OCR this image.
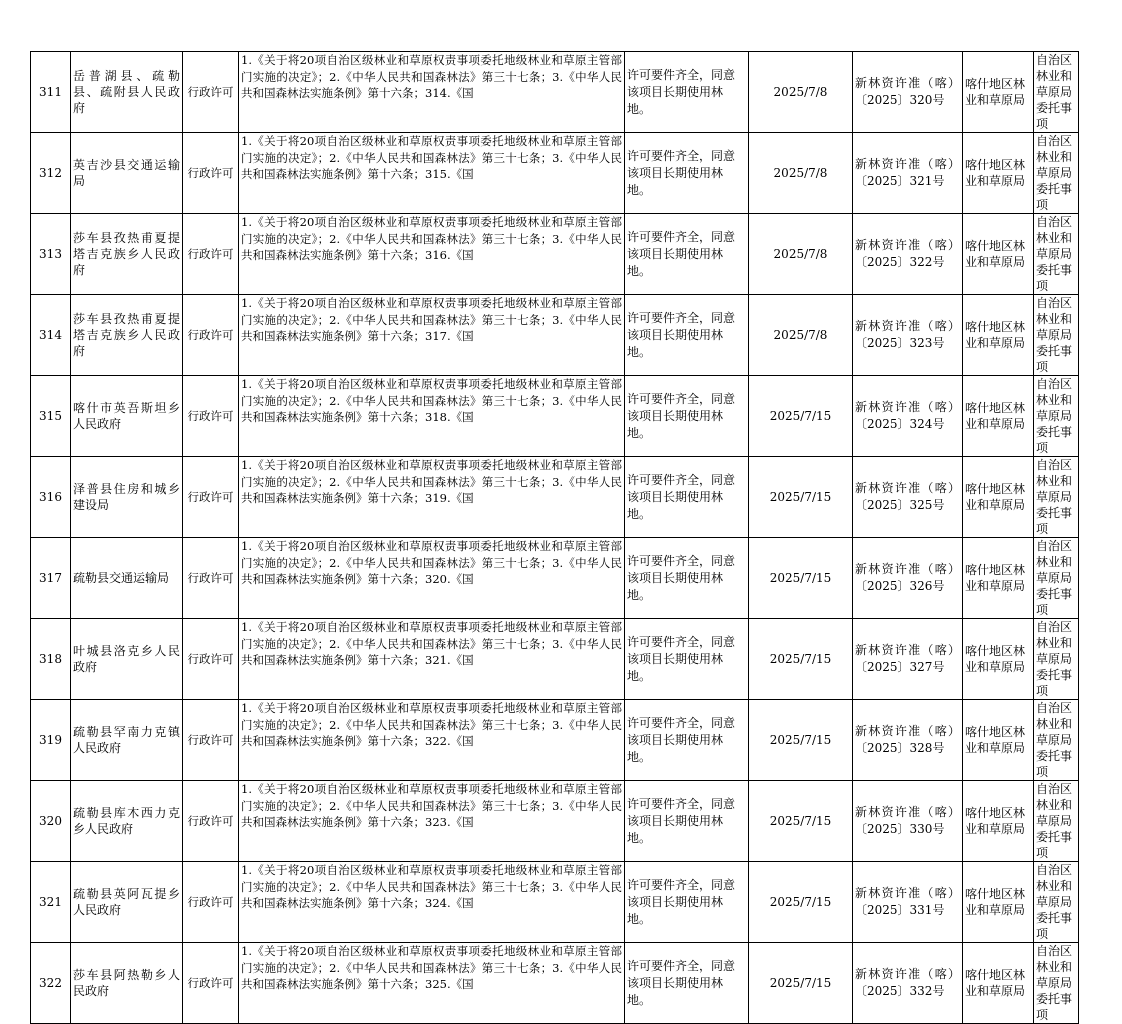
311	岳普湖县、疏勒县、疏附县人民政府	行政许可	1.《关于将20项自治区级林业和草原权责事项委托地级林业和草原主管部门实施的决定》；2.《中华人民共和国森林法》第三十七条；3.《中华人民共和国森林法实施条例》第十六条；314.《国	许可要件齐全，同意该项目长期使用林地。	2025/7/8	新林资许准（喀）〔2025〕320号	喀什地区林业和草原局	自治区林业和草原局委托事项
312	英吉沙县交通运输局	行政许可	1.《关于将20项自治区级林业和草原权责事项委托地级林业和草原主管部门实施的决定》；2.《中华人民共和国森林法》第三十七条；3.《中华人民共和国森林法实施条例》第十六条；315.《国	许可要件齐全，同意该项目长期使用林地。	2025/7/8	新林资许准（喀）〔2025〕321号	喀什地区林业和草原局	自治区林业和草原局委托事项
313	莎车县孜热甫夏提塔吉克族乡人民政府	行政许可	1.《关于将20项自治区级林业和草原权责事项委托地级林业和草原主管部门实施的决定》；2.《中华人民共和国森林法》第三十七条；3.《中华人民共和国森林法实施条例》第十六条；316.《国	许可要件齐全，同意该项目长期使用林地。	2025/7/8	新林资许准（喀）〔2025〕322号	喀什地区林业和草原局	自治区林业和草原局委托事项
314	莎车县孜热甫夏提塔吉克族乡人民政府	行政许可	1.《关于将20项自治区级林业和草原权责事项委托地级林业和草原主管部门实施的决定》；2.《中华人民共和国森林法》第三十七条；3.《中华人民共和国森林法实施条例》第十六条；317.《国	许可要件齐全，同意该项目长期使用林地。	2025/7/8	新林资许准（喀）〔2025〕323号	喀什地区林业和草原局	自治区林业和草原局委托事项
315	喀什市英吾斯坦乡人民政府	行政许可	1.《关于将20项自治区级林业和草原权责事项委托地级林业和草原主管部门实施的决定》；2.《中华人民共和国森林法》第三十七条；3.《中华人民共和国森林法实施条例》第十六条；318.《国	许可要件齐全，同意该项目长期使用林地。	2025/7/15	新林资许准（喀）〔2025〕324号	喀什地区林业和草原局	自治区林业和草原局委托事项
316	泽普县住房和城乡建设局	行政许可	1.《关于将20项自治区级林业和草原权责事项委托地级林业和草原主管部门实施的决定》；2.《中华人民共和国森林法》第三十七条；3.《中华人民共和国森林法实施条例》第十六条；319.《国	许可要件齐全，同意该项目长期使用林地。	2025/7/15	新林资许准（喀）〔2025〕325号	喀什地区林业和草原局	自治区林业和草原局委托事项
317	疏勒县交通运输局	行政许可	1.《关于将20项自治区级林业和草原权责事项委托地级林业和草原主管部门实施的决定》；2.《中华人民共和国森林法》第三十七条；3.《中华人民共和国森林法实施条例》第十六条；320.《国	许可要件齐全，同意该项目长期使用林地。	2025/7/15	新林资许准（喀）〔2025〕326号	喀什地区林业和草原局	自治区林业和草原局委托事项
318	叶城县洛克乡人民政府	行政许可	1.《关于将20项自治区级林业和草原权责事项委托地级林业和草原主管部门实施的决定》；2.《中华人民共和国森林法》第三十七条；3.《中华人民共和国森林法实施条例》第十六条；321.《国	许可要件齐全，同意该项目长期使用林地。	2025/7/15	新林资许准（喀）〔2025〕327号	喀什地区林业和草原局	自治区林业和草原局委托事项
319	疏勒县罕南力克镇人民政府	行政许可	1.《关于将20项自治区级林业和草原权责事项委托地级林业和草原主管部门实施的决定》；2.《中华人民共和国森林法》第三十七条；3.《中华人民共和国森林法实施条例》第十六条；322.《国	许可要件齐全，同意该项目长期使用林地。	2025/7/15	新林资许准（喀）〔2025〕328号	喀什地区林业和草原局	自治区林业和草原局委托事项
320	疏勒县库木西力克乡人民政府	行政许可	1.《关于将20项自治区级林业和草原权责事项委托地级林业和草原主管部门实施的决定》；2.《中华人民共和国森林法》第三十七条；3.《中华人民共和国森林法实施条例》第十六条；323.《国	许可要件齐全，同意该项目长期使用林地。	2025/7/15	新林资许准（喀）〔2025〕330号	喀什地区林业和草原局	自治区林业和草原局委托事项
321	疏勒县英阿瓦提乡人民政府	行政许可	1.《关于将20项自治区级林业和草原权责事项委托地级林业和草原主管部门实施的决定》；2.《中华人民共和国森林法》第三十七条；3.《中华人民共和国森林法实施条例》第十六条；324.《国	许可要件齐全，同意该项目长期使用林地。	2025/7/15	新林资许准（喀）〔2025〕331号	喀什地区林业和草原局	自治区林业和草原局委托事项
322	莎车县阿热勒乡人民政府	行政许可	1.《关于将20项自治区级林业和草原权责事项委托地级林业和草原主管部门实施的决定》；2.《中华人民共和国森林法》第三十七条；3.《中华人民共和国森林法实施条例》第十六条；325.《国	许可要件齐全，同意该项目长期使用林地。	2025/7/15	新林资许准（喀）〔2025〕332号	喀什地区林业和草原局	自治区林业和草原局委托事项
